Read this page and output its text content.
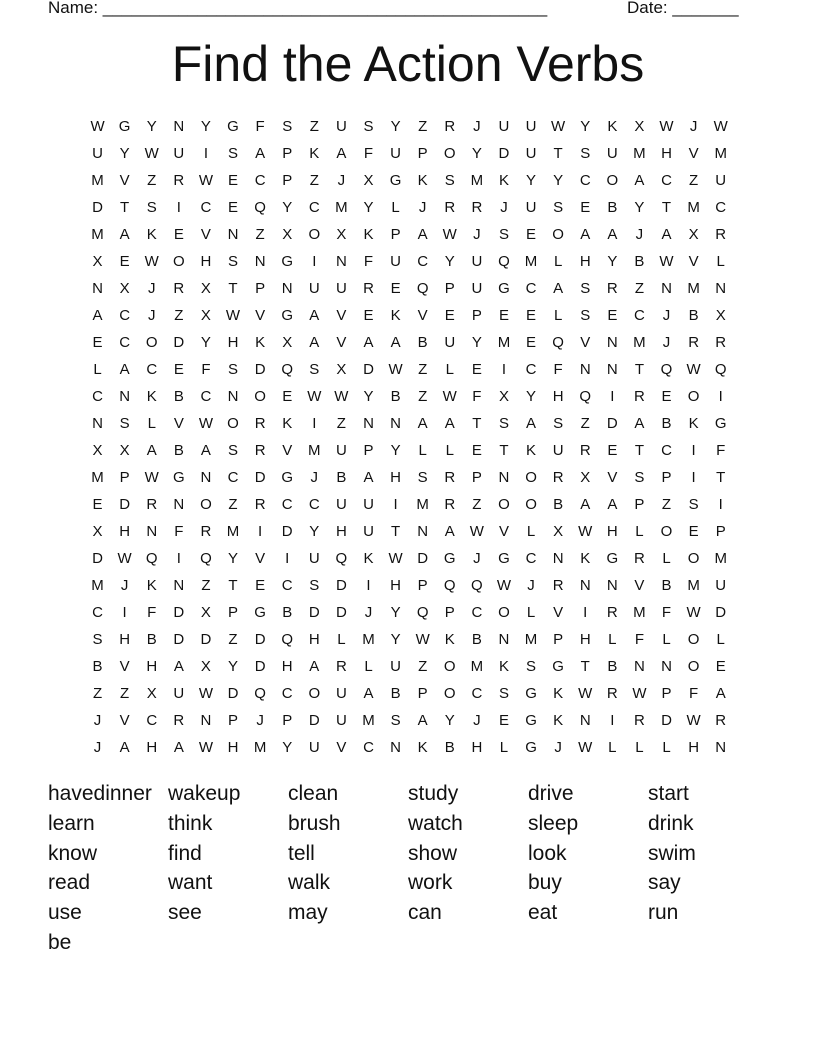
Name: _______________________________________________

	Date: _______

Find the Action Verbs
W G	Y	N	Y	G	F	S	Z	U	S	Y	Z	R	J	U	U W	Y	K	X	W	J	W
U	Y	W U	I	S	A	P	K	A	F	U	P	O	Y	D	U	T	S	U	M	H	V	M
M	V	Z	R W	E	C	P	Z	J	X	G	K	S	M	K	Y	Y	C	O	A	C	Z	U
D	T	S	I	C	E	Q	Y	C	M	Y	L	J	R	R	J	U	S	E	B	Y	T	M	C
M	A	K	E	V	N	Z	X	O	X	K	P	A	W	J	S	E	O	A	A	J	A	X	R
X	E	W O	H	S	N	G	I	N	F	U	C	Y	U	Q	M	L	H	Y	B	W	V	L
N	X	J	R	X	T	P	N	U	U	R	E	Q	P	U	G	C	A	S	R	Z	N	M	N
A	C	J	Z	X	W	V	G	A	V	E	K	V	E	P	E	E	L	S	E	C	J	B	X
E	C	O	D	Y	H	K	X	A	V	A	A	B	U	Y	M	E	Q	V	N	M	J	R	R
L	A	C	E	F	S	D	Q	S	X	D W	Z	L	E	I	C	F	N	N	T	Q W Q
C	N	K	B	C	N	O	E	W W	Y	B	Z	W	F	X	Y	H	Q	I	R	E	O	I
N	S	L	V	W O	R	K	I	Z	N	N	A	A	T	S	A	S	Z	D	A	B	K	G
X	X	A	B	A	S	R	V	M	U	P	Y	L	L	E	T	K	U	R	E	T	C	I	F
M	P	W G	N	C	D	G	J	B	A	H	S	R	P	N	O	R	X	V	S	P	I	T
E	D	R	N	O	Z	R	C	C	U	U	I	M	R	Z	O	O	B	A	A	P	Z	S	I
X	H	N	F	R	M	I	D	Y	H	U	T	N	A	W	V	L	X	W H	L	O	E	P
D W Q	I	Q	Y	V	I	U	Q	K	W D	G	J	G	C	N	K	G	R	L	O	M
M	J	K	N	Z	T	E	C	S	D	I	H	P	Q	Q W	J	R	N	N	V	B	M	U
C	I	F	D	X	P	G	B	D	D	J	Y	Q	P	C	O	L	V	I	R	M	F	W D
S	H	B	D	D	Z	D	Q	H	L	M	Y	W	K	B	N	M	P	H	L	F	L	O	L
B	V	H	A	X	Y	D	H	A	R	L	U	Z	O	M	K	S	G	T	B	N	N	O	E
Z	Z	X	U W D	Q	C	O	U	A	B	P	O	C	S	G	K	W R W	P	F	A
J	V	C	R	N	P	J	P	D	U	M	S	A	Y	J	E	G	K	N	I	R	D W R
J	A	H	A	W H	M	Y	U	V	C	N	K	B	H	L	G	J	W	L	L	L	H	N
havedinner wakeup	clean	study	drive	start
learn	think	brush	watch	sleep	drink
know	find	tell	show	look	swim
read	want	walk	work	buy	say
use	see	may	can	eat	run
be
